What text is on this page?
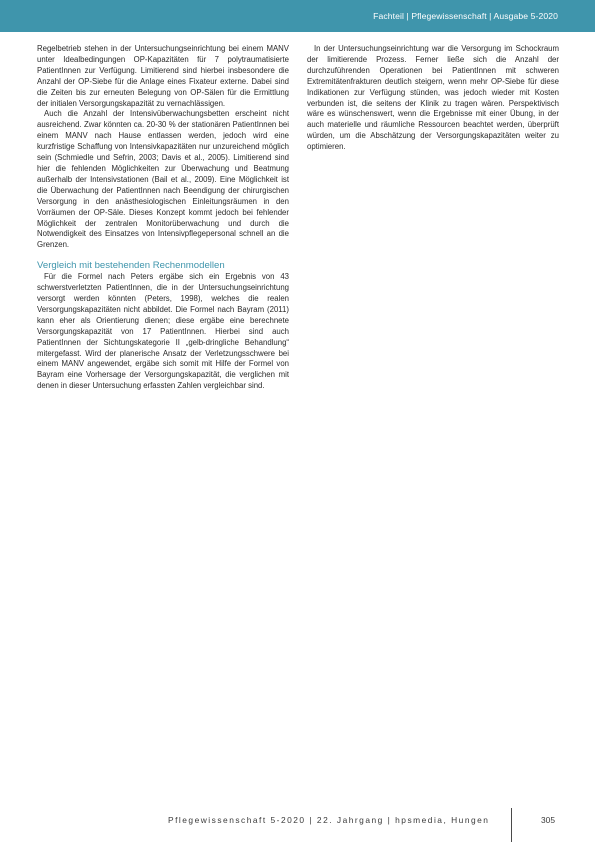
Fachteil | Pflegewissenschaft | Ausgabe 5-2020

Regelbetrieb stehen in der Untersuchungseinrichtung bei einem MANV unter Idealbedingungen OP-Kapazitäten für 7 polytraumatisierte PatientInnen zur Verfügung. Limitierend sind hierbei insbesondere die Anzahl der OP-Siebe für die Anlage eines Fixateur externe. Dabei sind die Zeiten bis zur erneuten Belegung von OP-Sälen für die Ermittlung der initialen Versorgungskapazität zu vernachlässigen.

Auch die Anzahl der Intensivüberwachungsbetten erscheint nicht ausreichend. Zwar könnten ca. 20-30 % der stationären PatientInnen bei einem MANV nach Hause entlassen werden, jedoch wird eine kurzfristige Schaffung von Intensivkapazitäten nur unzureichend möglich sein (Schmiedle und Sefrin, 2003; Davis et al., 2005). Limitierend sind hier die fehlenden Möglichkeiten zur Überwachung und Beatmung außerhalb der Intensivstationen (Bail et al., 2009). Eine Möglichkeit ist die Überwachung der PatientInnen nach Beendigung der chirurgischen Versorgung in den anästhesiologischen Einleitungsräumen in den Vorräumen der OP-Säle. Dieses Konzept kommt jedoch bei fehlender Möglichkeit der zentralen Monitorüberwachung und durch die Notwendigkeit des Einsatzes von Intensivpflegepersonal schnell an die Grenzen.

Vergleich mit bestehenden Rechenmodellen

Für die Formel nach Peters ergäbe sich ein Ergebnis von 43 schwerstverletzten PatientInnen, die in der Untersuchungseinrichtung versorgt werden könnten (Peters, 1998), welches die realen Versorgungskapazitäten nicht abbildet. Die Formel nach Bayram (2011) kann eher als Orientierung dienen; diese ergäbe eine berechnete Versorgungskapazität von 17 PatientInnen. Hierbei sind auch PatientInnen der Sichtungskategorie II „gelb-dringliche Behandlung“ mitergefasst. Wird der planerische Ansatz der Verletzungsschwere bei einem MANV angewendet, ergäbe sich somit mit Hilfe der Formel von Bayram eine Vorhersage der Versorgungskapazität, die verglichen mit denen in dieser Untersuchung erfassten Zahlen vergleichbar sind.

In der Untersuchungseinrichtung war die Versorgung im Schockraum der limitierende Prozess. Ferner ließe sich die Anzahl der durchzuführenden Operationen bei PatientInnen mit schweren Extremitätenfrakturen deutlich steigern, wenn mehr OP-Siebe für diese Indikationen zur Verfügung stünden, was jedoch wieder mit Kosten verbunden ist, die seitens der Klinik zu tragen wären. Perspektivisch wäre es wünschenswert, wenn die Ergebnisse mit einer Übung, in der auch materielle und räumliche Ressourcen beachtet werden, überprüft würden, um die Abschätzung der Versorgungskapazitäten weiter zu optimieren.

Pflegewissenschaft 5-2020 | 22. Jahrgang | hpsmedia, Hungen	305
